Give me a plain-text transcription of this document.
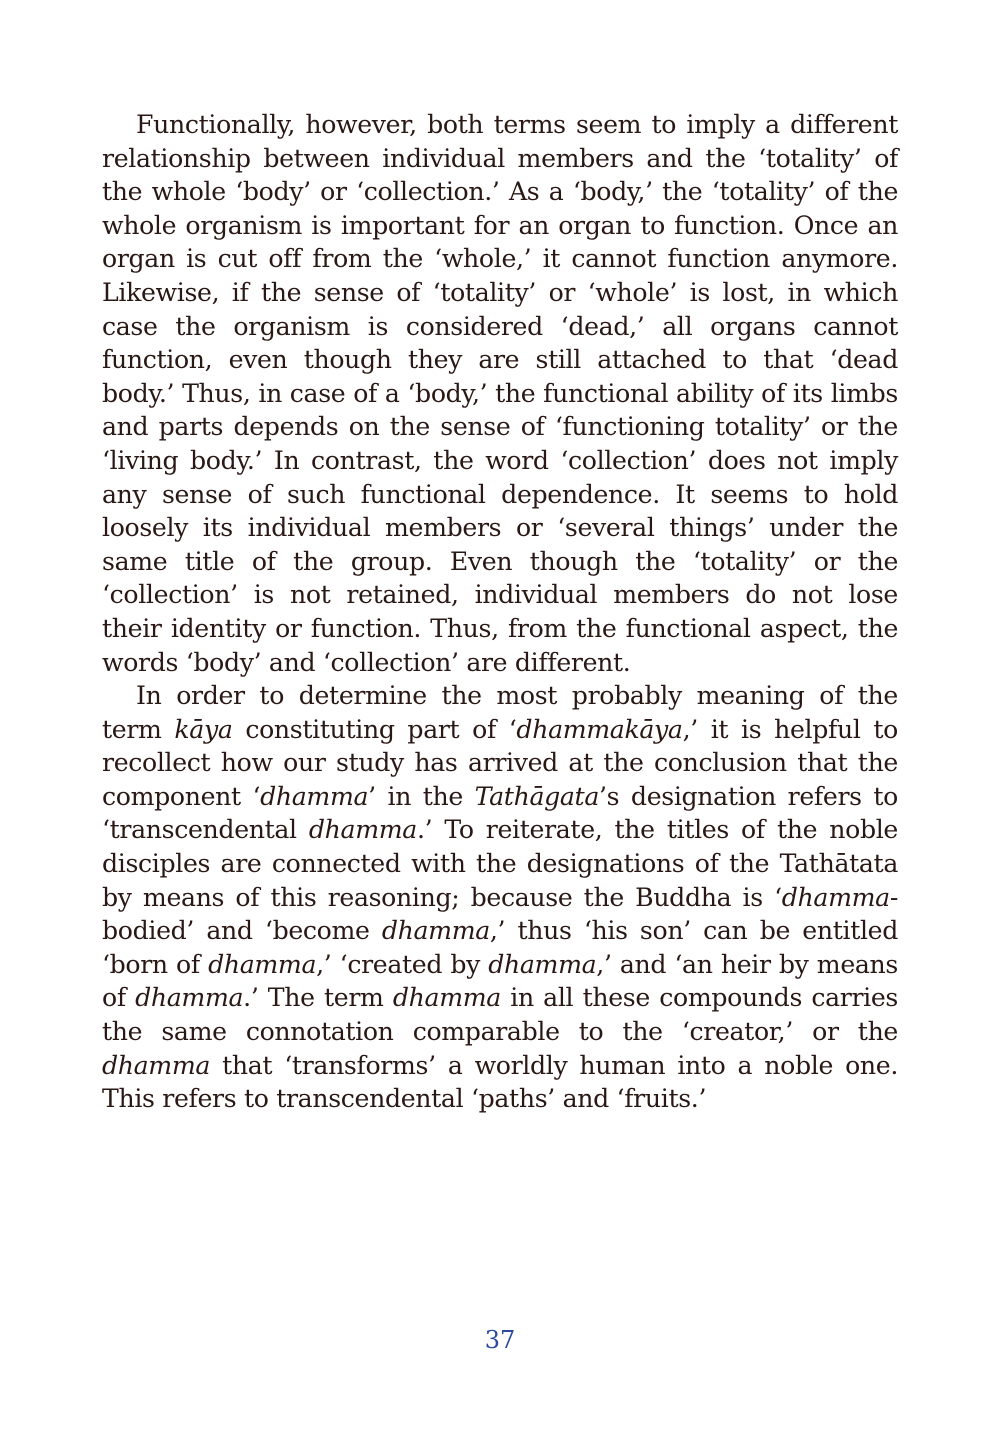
Functionally, however, both terms seem to imply a different relationship between individual members and the ‘totality’ of the whole ‘body’ or ‘collection.’ As a ‘body,’ the ‘totality’ of the whole organism is important for an organ to function. Once an organ is cut off from the ‘whole,’ it cannot function anymore. Likewise, if the sense of ‘totality’ or ‘whole’ is lost, in which case the organism is considered ‘dead,’ all organs cannot function, even though they are still attached to that ‘dead body.’ Thus, in case of a ‘body,’ the functional ability of its limbs and parts depends on the sense of ‘functioning totality’ or the ‘living body.’ In contrast, the word ‘collection’ does not imply any sense of such functional dependence. It seems to hold loosely its individual members or ‘several things’ under the same title of the group. Even though the ‘totality’ or the ‘collection’ is not retained, individual members do not lose their identity or function. Thus, from the functional aspect, the words ‘body’ and ‘collection’ are different.

In order to determine the most probably meaning of the term kāya constituting part of ‘dhammakāya,’ it is helpful to recollect how our study has arrived at the conclusion that the component ‘dhamma’ in the Tathāgata’s designation refers to ‘transcendental dhamma.’ To reiterate, the titles of the noble disciples are connected with the designations of the Tathātata by means of this reasoning; because the Buddha is ‘dhamma-bodied’ and ‘become dhamma,’ thus ‘his son’ can be entitled ‘born of dhamma,’ ‘created by dhamma,’ and ‘an heir by means of dhamma.’ The term dhamma in all these compounds carries the same connotation comparable to the ‘creator,’ or the dhamma that ‘transforms’ a worldly human into a noble one. This refers to transcendental ‘paths’ and ‘fruits.’

37
